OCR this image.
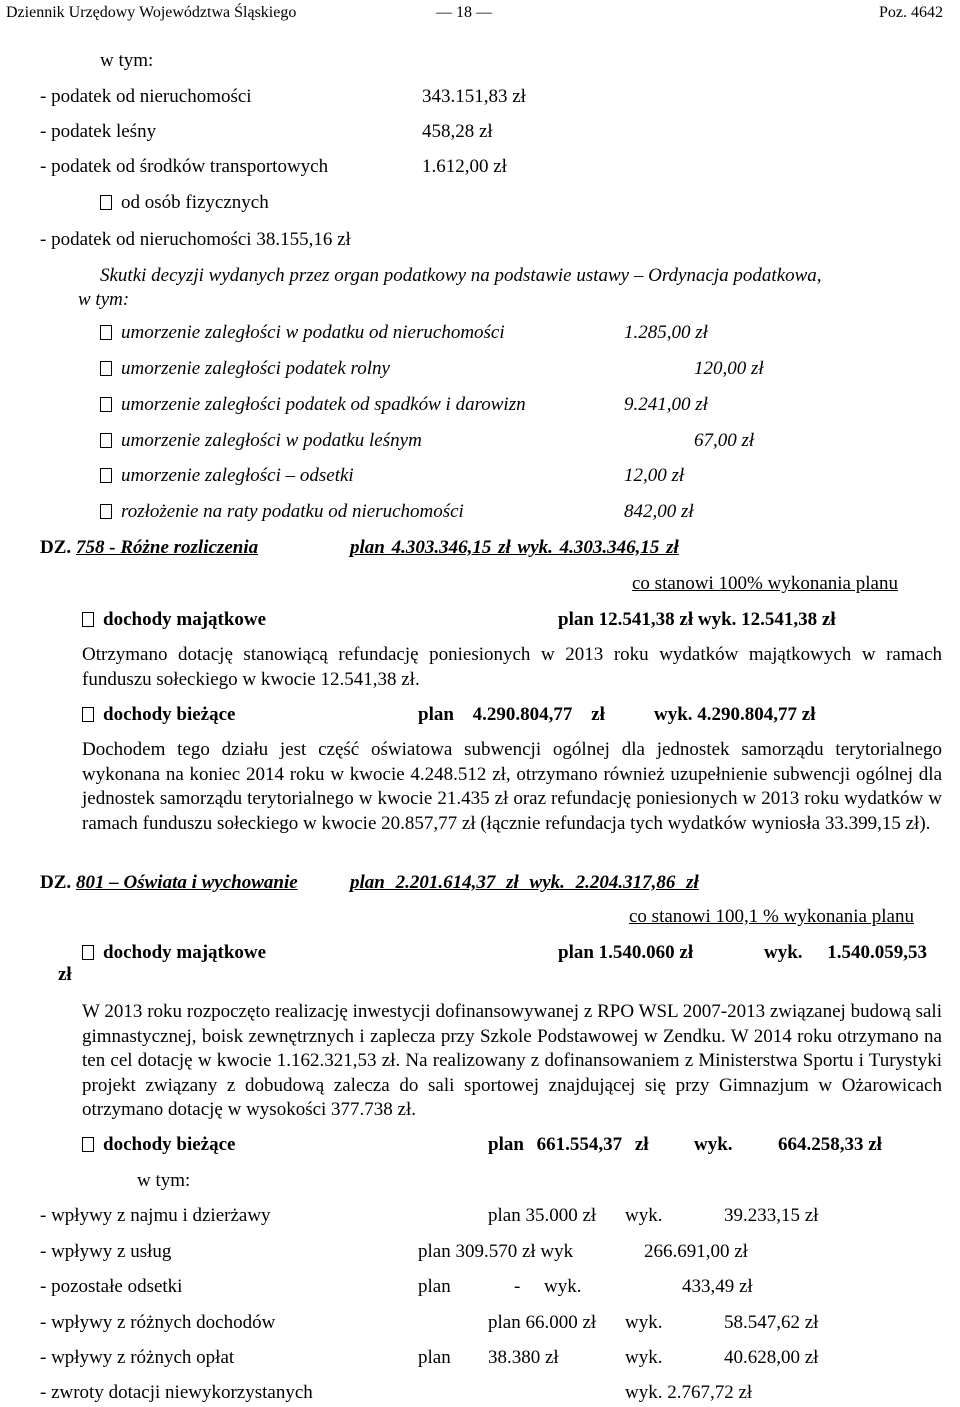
Dziennik Urzędowy Województwa Śląskiego	— 18 —	Poz. 4642
w tym:
- podatek od nieruchomości	343.151,83 zł
- podatek leśny	458,28 zł
- podatek od środków transportowych	1.612,00 zł
od osób fizycznych
- podatek od nieruchomości 38.155,16 zł
Skutki decyzji wydanych przez organ podatkowy na podstawie ustawy – Ordynacja podatkowa,
w tym:
umorzenie zaległości w podatku od nieruchomości	1.285,00 zł
umorzenie zaległości podatek rolny	120,00 zł
umorzenie zaległości podatek od spadków i darowizn	9.241,00 zł
umorzenie zaległości w podatku leśnym	67,00 zł
umorzenie zaległości – odsetki	12,00 zł
rozłożenie na raty podatku od nieruchomości	842,00 zł
DZ. 758 - Różne rozliczenia	plan 4.303.346,15 zł wyk. 4.303.346,15 zł
co stanowi 100% wykonania planu
dochody majątkowe	plan 12.541,38 zł wyk. 12.541,38 zł
Otrzymano dotację stanowiącą refundację poniesionych w 2013 roku wydatków majątkowych w ramach funduszu sołeckiego w kwocie 12.541,38 zł.
dochody bieżące	plan 4.290.804,77 zł	wyk. 4.290.804,77 zł
Dochodem tego działu jest część oświatowa subwencji ogólnej dla jednostek samorządu terytorialnego wykonana na koniec 2014 roku w kwocie 4.248.512 zł, otrzymano również uzupełnienie subwencji ogólnej dla jednostek samorządu terytorialnego w kwocie 21.435 zł oraz refundację poniesionych w 2013 roku wydatków w ramach funduszu sołeckiego w kwocie 20.857,77 zł (łącznie refundacja tych wydatków wyniosła 33.399,15 zł).
DZ. 801 – Oświata i wychowanie	plan 2.201.614,37 zł wyk. 2.204.317,86 zł
co stanowi 100,1 % wykonania planu
dochody majątkowe	plan 1.540.060 zł	wyk. 1.540.059,53
zł
W 2013 roku rozpoczęto realizację inwestycji dofinansowywanej z RPO WSL 2007-2013 związanej budową sali gimnastycznej, boisk zewnętrznych i zaplecza przy Szkole Podstawowej w Zendku. W 2014 roku otrzymano na ten cel dotację w kwocie 1.162.321,53 zł. Na realizowany z dofinansowaniem z Ministerstwa Sportu i Turystyki projekt związany z dobudową zalecza do sali sportowej znajdującej się przy Gimnazjum w Ożarowicach otrzymano dotację w wysokości 377.738 zł.
dochody bieżące	plan 661.554,37 zł wyk. 664.258,33 zł
w tym:
- wpływy z najmu i dzierżawy	plan 35.000 zł wyk.	39.233,15 zł
- wpływy z usług	plan 309.570 zł wyk	266.691,00 zł
- pozostałe odsetki	plan	- wyk.	433,49 zł
- wpływy z różnych dochodów	plan 66.000 zł wyk.	58.547,62 zł
- wpływy z różnych opłat	plan 38.380 zł	wyk.	40.628,00 zł
- zwroty dotacji niewykorzystanych	wyk. 2.767,72 zł
